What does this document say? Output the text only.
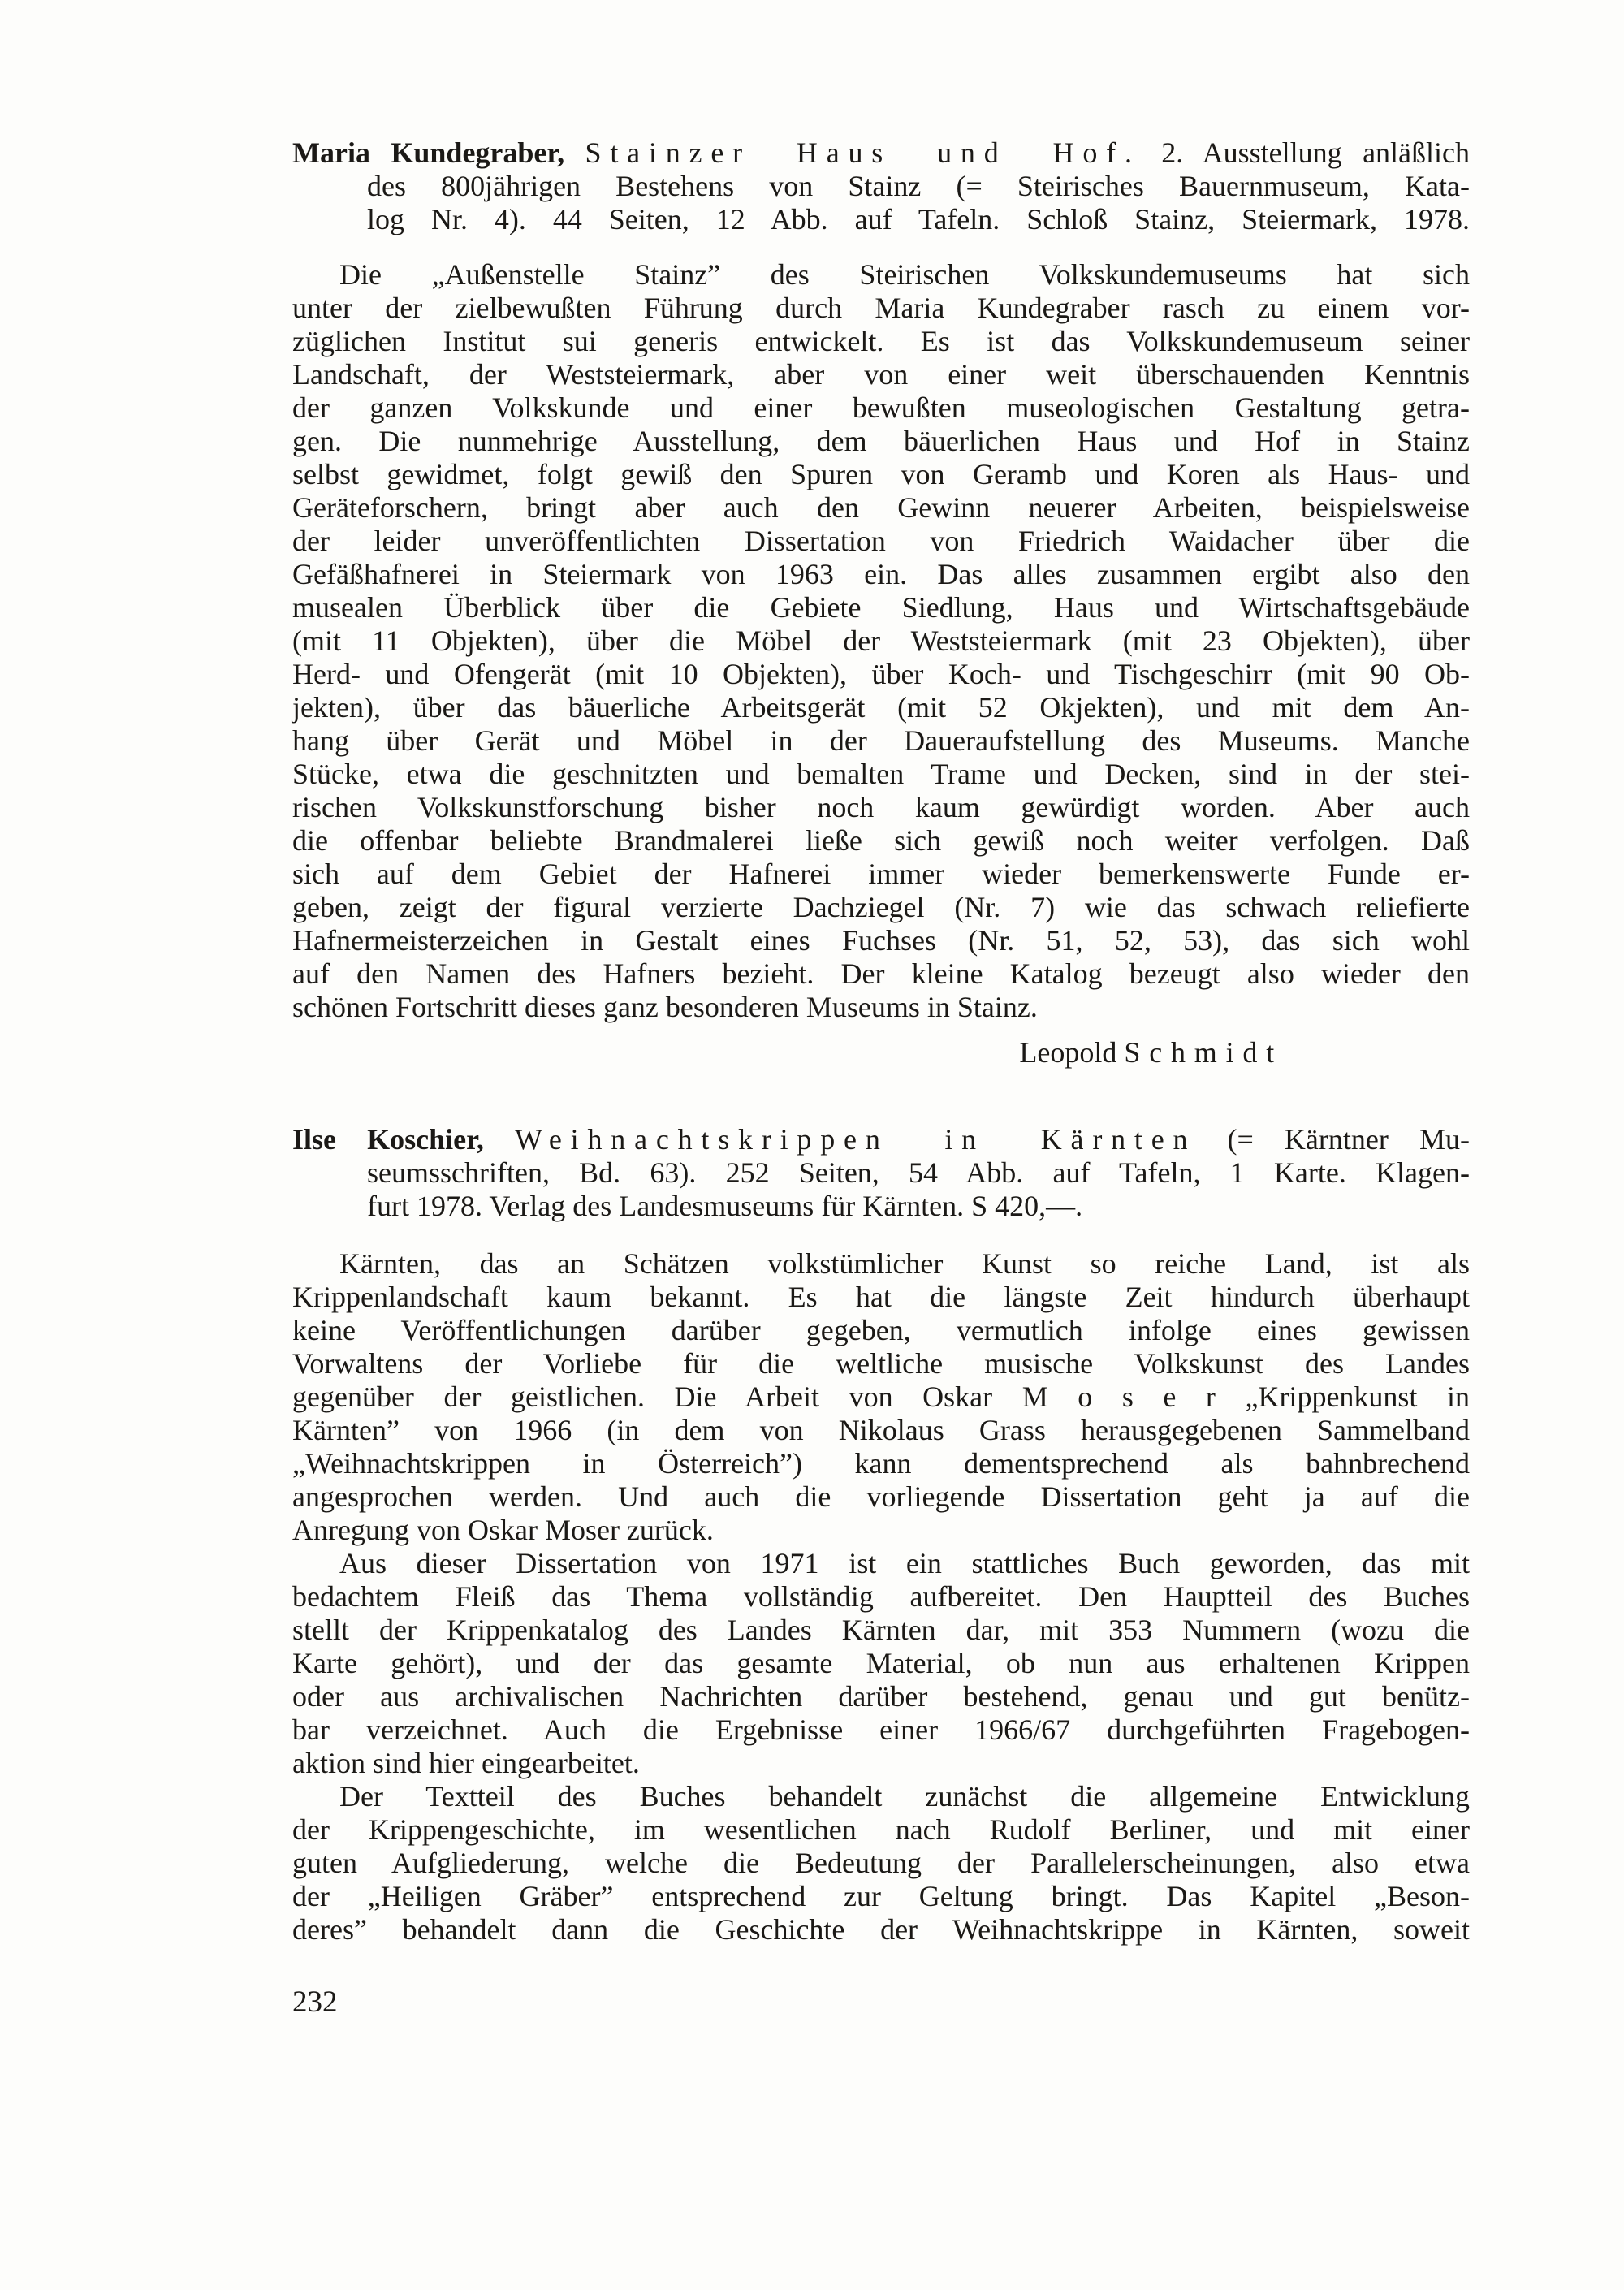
Maria Kundegraber, Stainzer Haus und Hof. 2. Ausstellung anläßlich
des 800jährigen Bestehens von Stainz (= Steirisches Bauernmuseum, Kata-
log Nr. 4). 44 Seiten, 12 Abb. auf Tafeln. Schloß Stainz, Steiermark, 1978.
Die „Außenstelle Stainz” des Steirischen Volkskundemuseums hat sich
unter der zielbewußten Führung durch Maria Kundegraber rasch zu einem vor-
züglichen Institut sui generis entwickelt. Es ist das Volkskundemuseum seiner
Landschaft, der Weststeiermark, aber von einer weit überschauenden Kenntnis
der ganzen Volkskunde und einer bewußten museologischen Gestaltung getra-
gen. Die nunmehrige Ausstellung, dem bäuerlichen Haus und Hof in Stainz
selbst gewidmet, folgt gewiß den Spuren von Geramb und Koren als Haus- und
Geräteforschern, bringt aber auch den Gewinn neuerer Arbeiten, beispielsweise
der leider unveröffentlichten Dissertation von Friedrich Waidacher über die
Gefäßhafnerei in Steiermark von 1963 ein. Das alles zusammen ergibt also den
musealen Überblick über die Gebiete Siedlung, Haus und Wirtschaftsgebäude
(mit 11 Objekten), über die Möbel der Weststeiermark (mit 23 Objekten), über
Herd- und Ofengerät (mit 10 Objekten), über Koch- und Tischgeschirr (mit 90 Ob-
jekten), über das bäuerliche Arbeitsgerät (mit 52 Okjekten), und mit dem An-
hang über Gerät und Möbel in der Daueraufstellung des Museums. Manche
Stücke, etwa die geschnitzten und bemalten Trame und Decken, sind in der stei-
rischen Volkskunstforschung bisher noch kaum gewürdigt worden. Aber auch
die offenbar beliebte Brandmalerei ließe sich gewiß noch weiter verfolgen. Daß
sich auf dem Gebiet der Hafnerei immer wieder bemerkenswerte Funde er-
geben, zeigt der figural verzierte Dachziegel (Nr. 7) wie das schwach reliefierte
Hafnermeisterzeichen in Gestalt eines Fuchses (Nr. 51, 52, 53), das sich wohl
auf den Namen des Hafners bezieht. Der kleine Katalog bezeugt also wieder den
schönen Fortschritt dieses ganz besonderen Museums in Stainz.
Leopold Schmidt
Ilse Koschier, Weihnachtskrippen in Kärnten (= Kärntner Mu-
seumsschriften, Bd. 63). 252 Seiten, 54 Abb. auf Tafeln, 1 Karte. Klagen-
furt 1978. Verlag des Landesmuseums für Kärnten. S 420,—.
Kärnten, das an Schätzen volkstümlicher Kunst so reiche Land, ist als
Krippenlandschaft kaum bekannt. Es hat die längste Zeit hindurch überhaupt
keine Veröffentlichungen darüber gegeben, vermutlich infolge eines gewissen
Vorwaltens der Vorliebe für die weltliche musische Volkskunst des Landes
gegenüber der geistlichen. Die Arbeit von Oskar M o s e r „Krippenkunst in
Kärnten” von 1966 (in dem von Nikolaus Grass herausgegebenen Sammelband
„Weihnachtskrippen in Österreich”) kann dementsprechend als bahnbrechend
angesprochen werden. Und auch die vorliegende Dissertation geht ja auf die
Anregung von Oskar Moser zurück.
Aus dieser Dissertation von 1971 ist ein stattliches Buch geworden, das mit
bedachtem Fleiß das Thema vollständig aufbereitet. Den Hauptteil des Buches
stellt der Krippenkatalog des Landes Kärnten dar, mit 353 Nummern (wozu die
Karte gehört), und der das gesamte Material, ob nun aus erhaltenen Krippen
oder aus archivalischen Nachrichten darüber bestehend, genau und gut benütz-
bar verzeichnet. Auch die Ergebnisse einer 1966/67 durchgeführten Fragebogen-
aktion sind hier eingearbeitet.
Der Textteil des Buches behandelt zunächst die allgemeine Entwicklung
der Krippengeschichte, im wesentlichen nach Rudolf Berliner, und mit einer
guten Aufgliederung, welche die Bedeutung der Parallelerscheinungen, also etwa
der „Heiligen Gräber” entsprechend zur Geltung bringt. Das Kapitel „Beson-
deres” behandelt dann die Geschichte der Weihnachtskrippe in Kärnten, soweit
232
